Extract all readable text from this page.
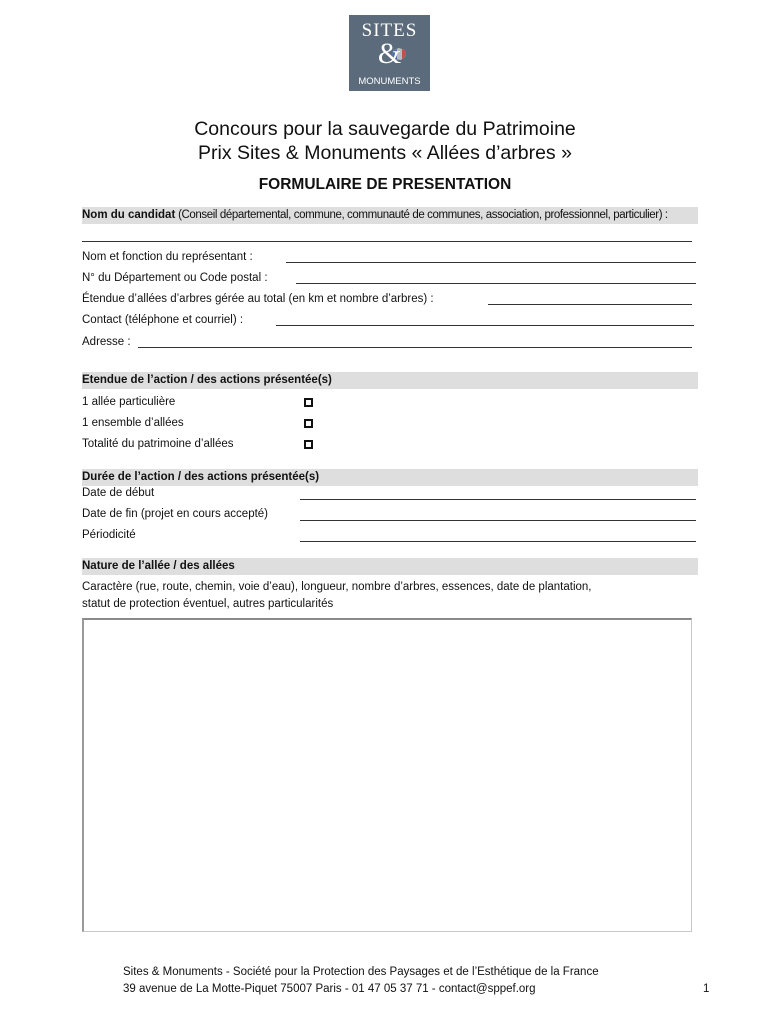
SITES
&
MONUMENTS
Concours pour la sauvegarde du Patrimoine
Prix Sites & Monuments « Allées d’arbres »
FORMULAIRE DE PRESENTATION
Nom du candidat (Conseil départemental, commune, communauté de communes, association, professionnel, particulier) :
Nom et fonction du représentant :
N° du Département ou Code postal :
Étendue d’allées d’arbres gérée au total (en km et nombre d’arbres) :
Contact (téléphone et courriel) :
Adresse :
Etendue de l’action / des actions présentée(s)
1 allée particulière
1 ensemble d’allées
Totalité du patrimoine d’allées
Durée de l’action / des actions présentée(s)
Date de début
Date de fin (projet en cours accepté)
Périodicité
Nature de l’allée / des allées
Caractère (rue, route, chemin, voie d’eau), longueur, nombre d’arbres, essences, date de plantation,
statut de protection éventuel, autres particularités
Sites & Monuments - Société pour la Protection des Paysages et de l’Esthétique de la France
39 avenue de La Motte-Piquet 75007 Paris - 01 47 05 37 71 - contact@sppef.org	1
